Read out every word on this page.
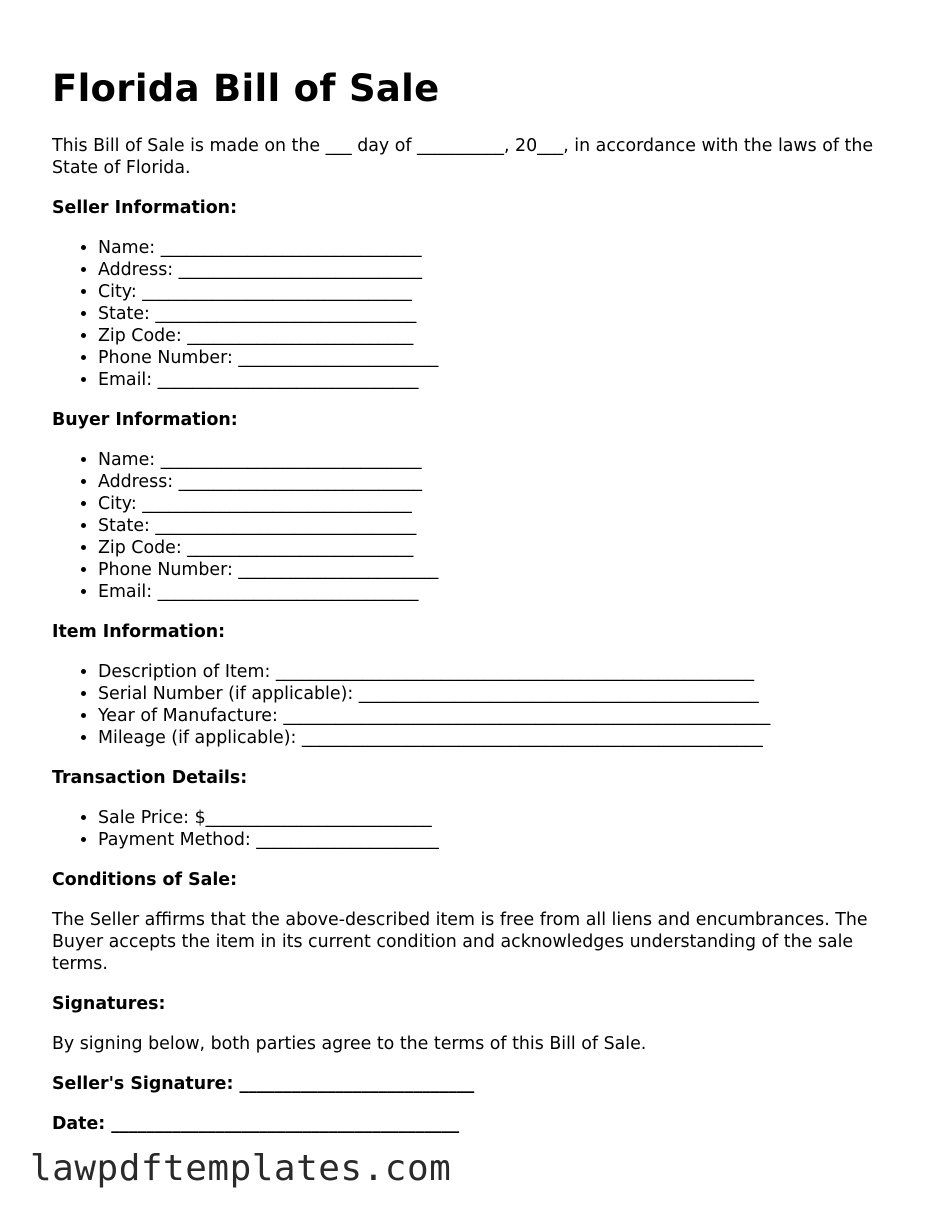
Florida Bill of Sale

This Bill of Sale is made on the ___ day of __________, 20___, in accordance with the laws of the State of Florida.

Seller Information:

• Name: ______________________________
• Address: ____________________________
• City: _______________________________
• State: ______________________________
• Zip Code: __________________________
• Phone Number: _______________________
• Email: ______________________________

Buyer Information:

• Name: ______________________________
• Address: ____________________________
• City: _______________________________
• State: ______________________________
• Zip Code: __________________________
• Phone Number: _______________________
• Email: ______________________________

Item Information:

• Description of Item: _______________________________________________________
• Serial Number (if applicable): ______________________________________________
• Year of Manufacture: ________________________________________________________
• Mileage (if applicable): _____________________________________________________

Transaction Details:

• Sale Price: $__________________________
• Payment Method: _____________________

Conditions of Sale:

The Seller affirms that the above-described item is free from all liens and encumbrances. The Buyer accepts the item in its current condition and acknowledges understanding of the sale terms.

Signatures:

By signing below, both parties agree to the terms of this Bill of Sale.

Seller's Signature: ___________________________

Date: ________________________________________

lawpdftemplates.com
